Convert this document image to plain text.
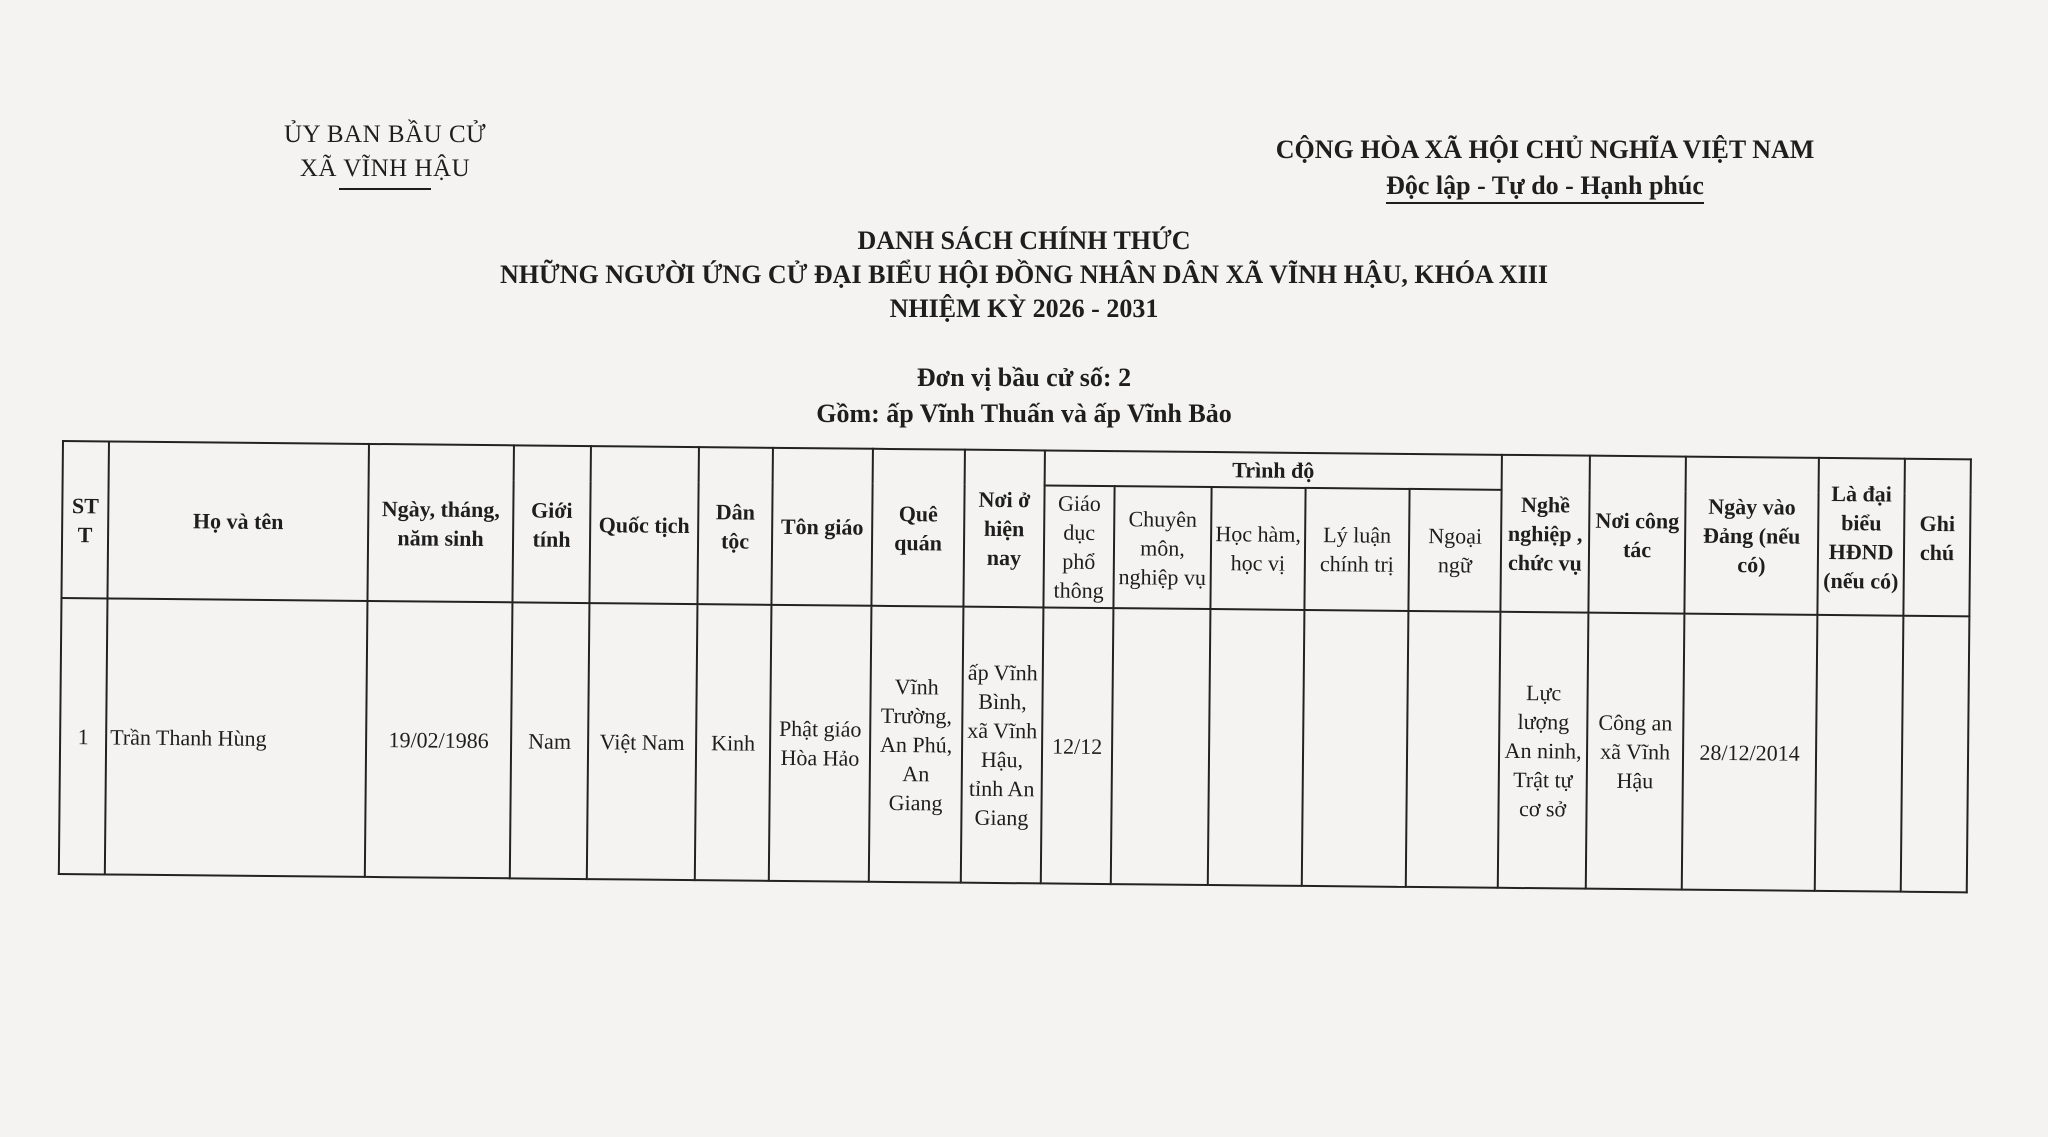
ỦY BAN BẦU CỬ
XÃ VĨNH HẬU
CỘNG HÒA XÃ HỘI CHỦ NGHĨA VIỆT NAM
Độc lập - Tự do - Hạnh phúc
DANH SÁCH CHÍNH THỨC
NHỮNG NGƯỜI ỨNG CỬ ĐẠI BIỂU HỘI ĐỒNG NHÂN DÂN XÃ VĨNH HẬU, KHÓA XIII
NHIỆM KỲ 2026 - 2031
Đơn vị bầu cử số: 2
Gồm: ấp Vĩnh Thuấn và ấp Vĩnh Bảo
ST T	Họ và tên	Ngày, tháng, năm sinh	Giới tính	Quốc tịch	Dân tộc	Tôn giáo	Quê quán	Nơi ở hiện nay	Trình độ					Nghề nghiệp , chức vụ	Nơi công tác	Ngày vào Đảng (nếu có)	Là đại biểu HĐND (nếu có)	Ghi chú
									Giáo dục phổ thông	Chuyên môn, nghiệp vụ	Học hàm, học vị	Lý luận chính trị	Ngoại ngữ					
1	Trần Thanh Hùng	19/02/1986	Nam	Việt Nam	Kinh	Phật giáo Hòa Hảo	Vĩnh Trường, An Phú, An Giang	ấp Vĩnh Bình, xã Vĩnh Hậu, tỉnh An Giang	12/12					Lực lượng An ninh, Trật tự cơ sở	Công an xã Vĩnh Hậu	28/12/2014		
